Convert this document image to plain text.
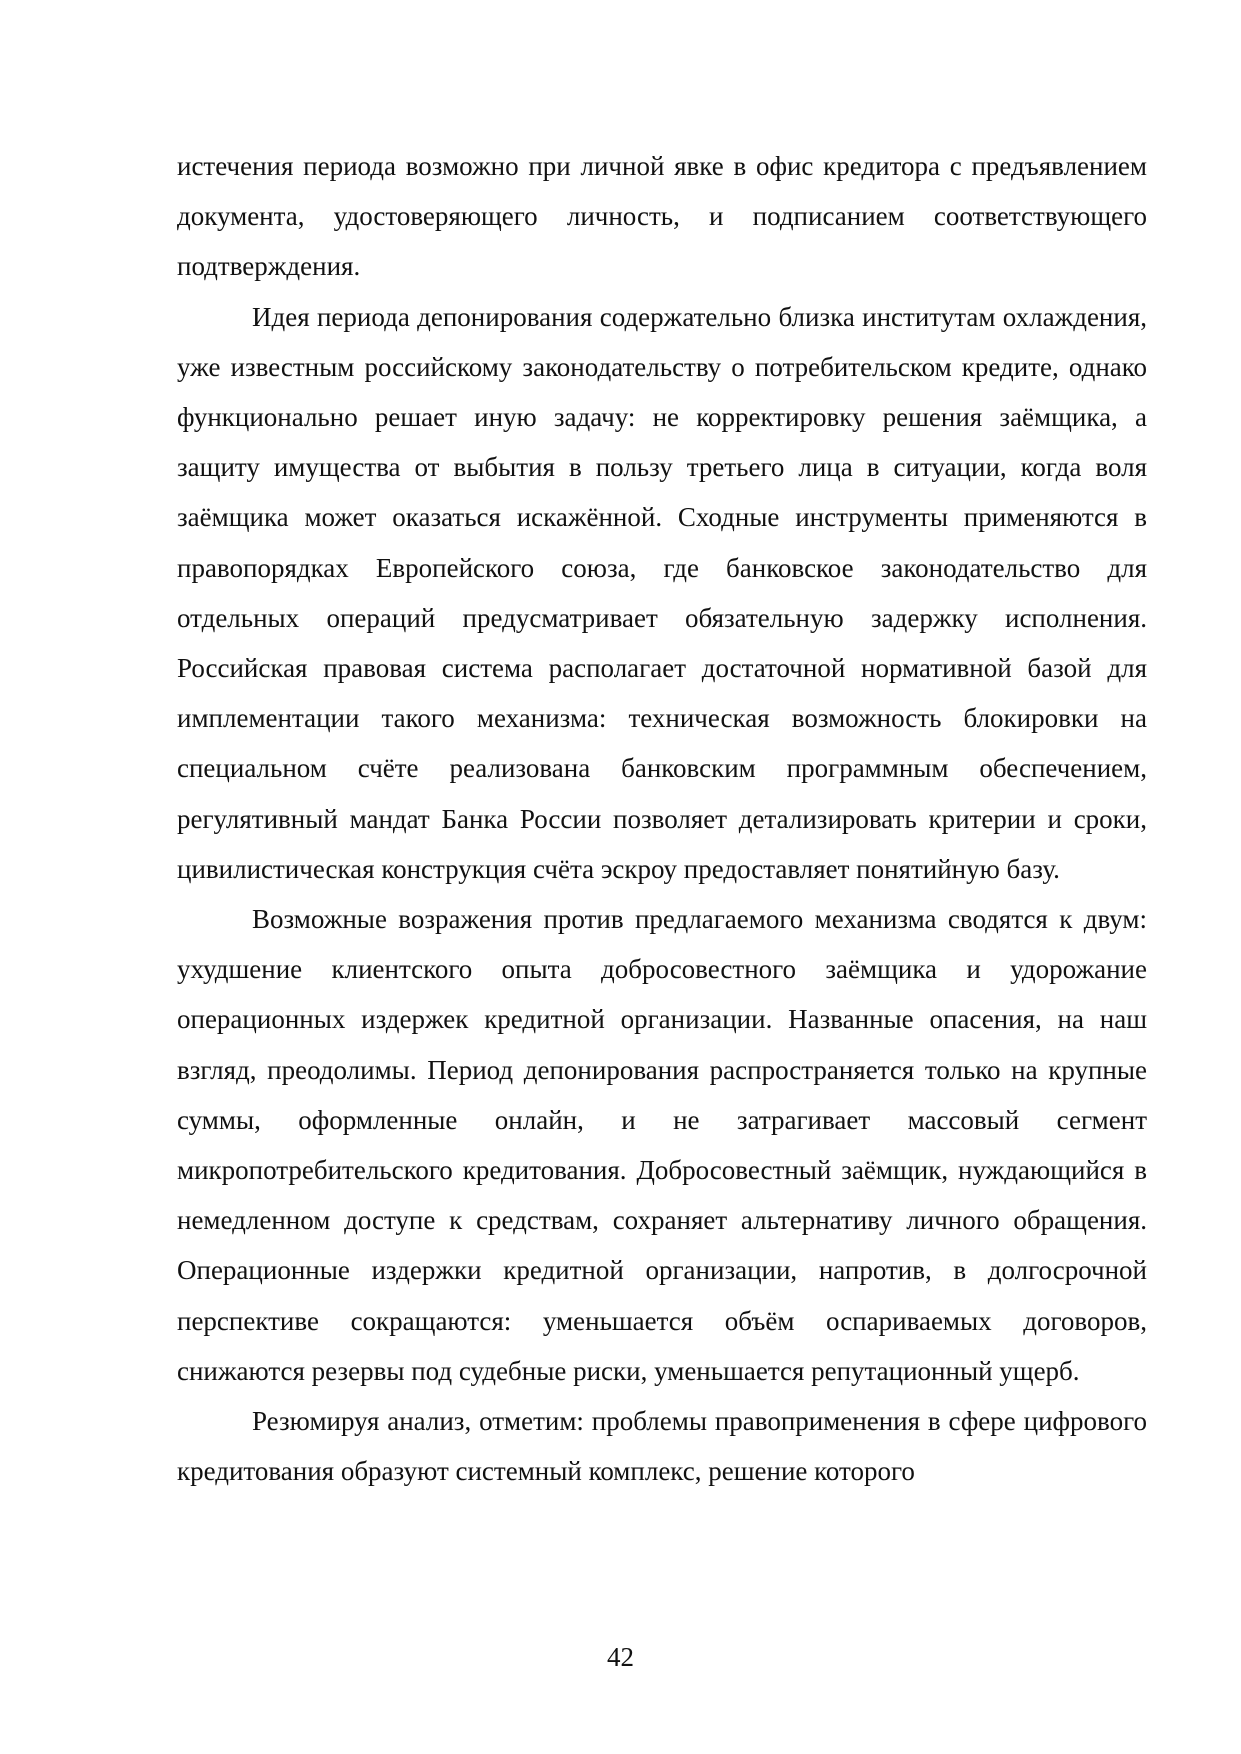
истечения периода возможно при личной явке в офис кредитора с предъявлением документа, удостоверяющего личность, и подписанием соответствующего подтверждения.

Идея периода депонирования содержательно близка институтам охлаждения, уже известным российскому законодательству о потребительском кредите, однако функционально решает иную задачу: не корректировку решения заёмщика, а защиту имущества от выбытия в пользу третьего лица в ситуации, когда воля заёмщика может оказаться искажённой. Сходные инструменты применяются в правопорядках Европейского союза, где банковское законодательство для отдельных операций предусматривает обязательную задержку исполнения. Российская правовая система располагает достаточной нормативной базой для имплементации такого механизма: техническая возможность блокировки на специальном счёте реализована банковским программным обеспечением, регулятивный мандат Банка России позволяет детализировать критерии и сроки, цивилистическая конструкция счёта эскроу предоставляет понятийную базу.

Возможные возражения против предлагаемого механизма сводятся к двум: ухудшение клиентского опыта добросовестного заёмщика и удорожание операционных издержек кредитной организации. Названные опасения, на наш взгляд, преодолимы. Период депонирования распространяется только на крупные суммы, оформленные онлайн, и не затрагивает массовый сегмент микропотребительского кредитования. Добросовестный заёмщик, нуждающийся в немедленном доступе к средствам, сохраняет альтернативу личного обращения. Операционные издержки кредитной организации, напротив, в долгосрочной перспективе сокращаются: уменьшается объём оспариваемых договоров, снижаются резервы под судебные риски, уменьшается репутационный ущерб.

Резюмируя анализ, отметим: проблемы правоприменения в сфере цифрового кредитования образуют системный комплекс, решение которого

42
